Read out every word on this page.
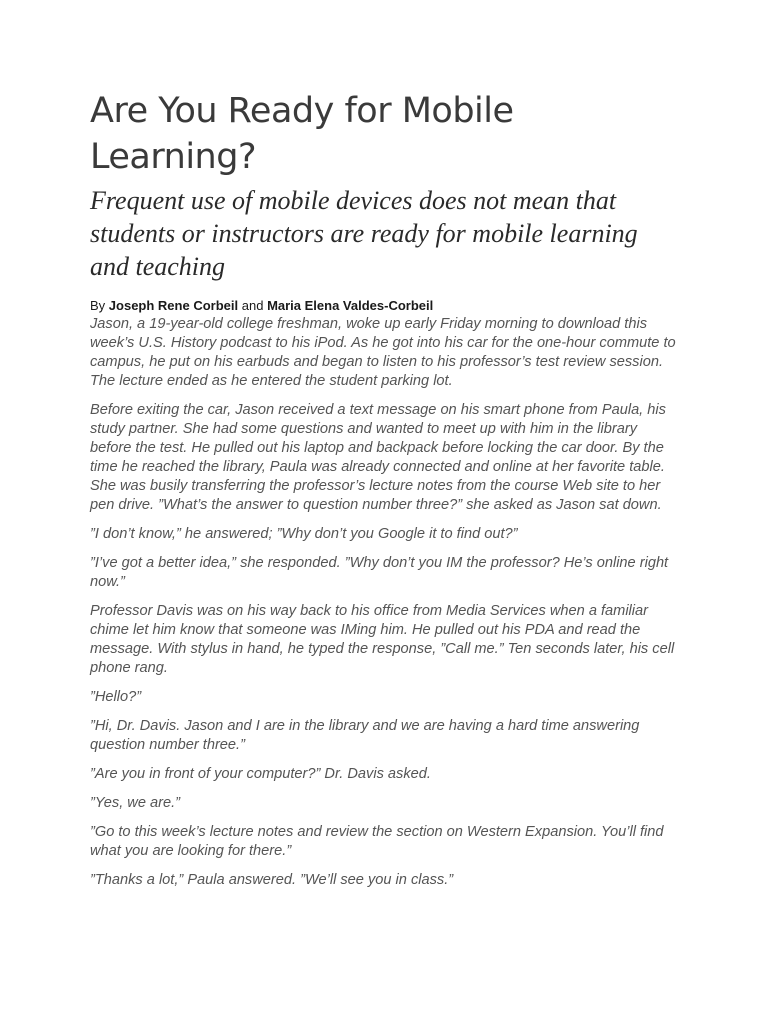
Are You Ready for Mobile Learning?
Frequent use of mobile devices does not mean that students or instructors are ready for mobile learning and teaching
By Joseph Rene Corbeil and Maria Elena Valdes-Corbeil

Jason, a 19-year-old college freshman, woke up early Friday morning to download this week’s U.S. History podcast to his iPod. As he got into his car for the one-hour commute to campus, he put on his earbuds and began to listen to his professor’s test review session. The lecture ended as he entered the student parking lot.

Before exiting the car, Jason received a text message on his smart phone from Paula, his study partner. She had some questions and wanted to meet up with him in the library before the test. He pulled out his laptop and backpack before locking the car door. By the time he reached the library, Paula was already connected and online at her favorite table. She was busily transferring the professor’s lecture notes from the course Web site to her pen drive. ”What’s the answer to question number three?” she asked as Jason sat down.

”I don’t know,” he answered; ”Why don’t you Google it to find out?”

”I’ve got a better idea,” she responded. ”Why don’t you IM the professor? He’s online right now.”

Professor Davis was on his way back to his office from Media Services when a familiar chime let him know that someone was IMing him. He pulled out his PDA and read the message. With stylus in hand, he typed the response, ”Call me.” Ten seconds later, his cell phone rang.

”Hello?”

”Hi, Dr. Davis. Jason and I are in the library and we are having a hard time answering question number three.”

”Are you in front of your computer?” Dr. Davis asked.

”Yes, we are.”

”Go to this week’s lecture notes and review the section on Western Expansion. You’ll find what you are looking for there.”

”Thanks a lot,” Paula answered. ”We’ll see you in class.”
